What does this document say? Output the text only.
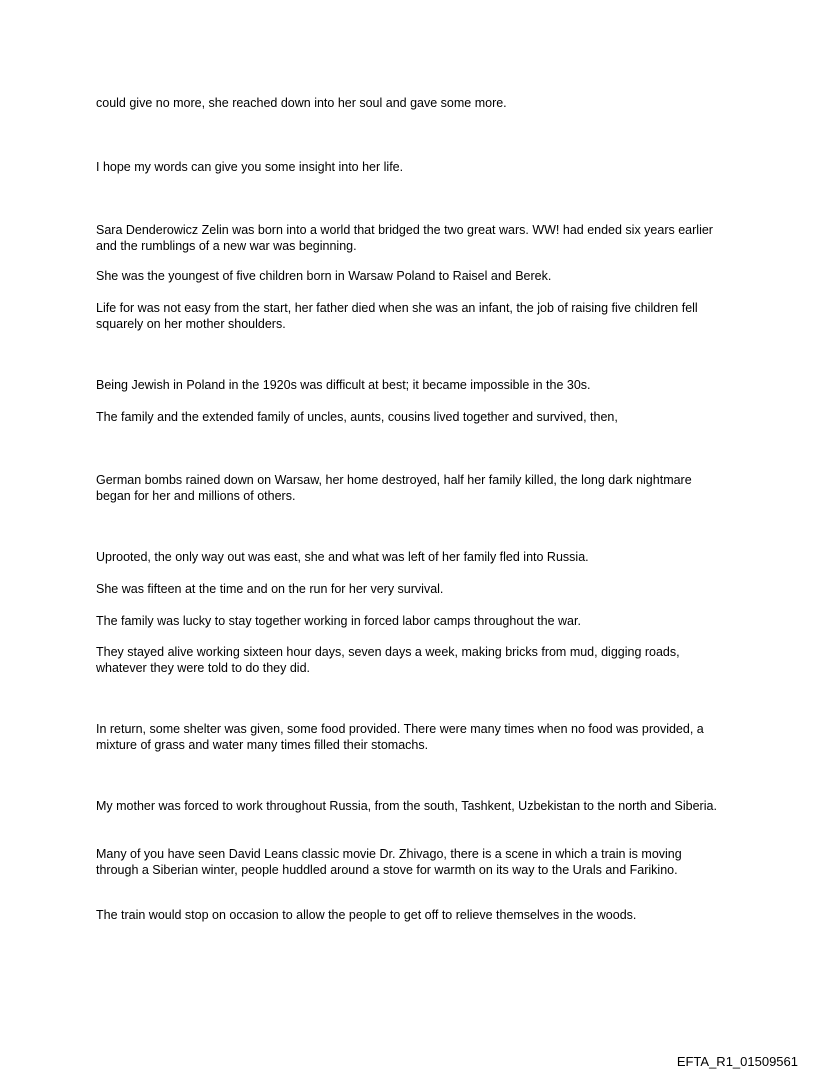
could give no more, she reached down into her soul and gave some more.

I hope my words can give you some insight into her life.

Sara Denderowicz Zelin was born into a world that bridged the two great wars. WW! had ended six years earlier and the rumblings of a new war was beginning.

She was the youngest of five children born in Warsaw Poland to Raisel and Berek.

Life for was not easy from the start, her father died when she was an infant, the job of raising five children fell squarely on her mother shoulders.

Being Jewish in Poland in the 1920s was difficult at best; it became impossible in the 30s.

The family and the extended family of uncles, aunts, cousins lived together and survived, then,

German bombs rained down on Warsaw, her home destroyed, half her family killed, the long dark nightmare began for her and millions of others.

Uprooted, the only way out was east, she and what was left of her family fled into Russia.

She was fifteen at the time and on the run for her very survival.

The family was lucky to stay together working in forced labor camps throughout the war.

They stayed alive working sixteen hour days, seven days a week, making bricks from mud, digging roads, whatever they were told to do they did.

In return, some shelter was given, some food provided. There were many times when no food was provided, a mixture of grass and water many times filled their stomachs.

My mother was forced to work throughout Russia, from the south, Tashkent, Uzbekistan to the north and Siberia.

Many of you have seen David Leans classic movie Dr. Zhivago, there is a scene in which a train is moving through a Siberian winter, people huddled around a stove for warmth on its way to the Urals and Farikino.

The train would stop on occasion to allow the people to get off to relieve themselves in the woods.

EFTA_R1_01509561
